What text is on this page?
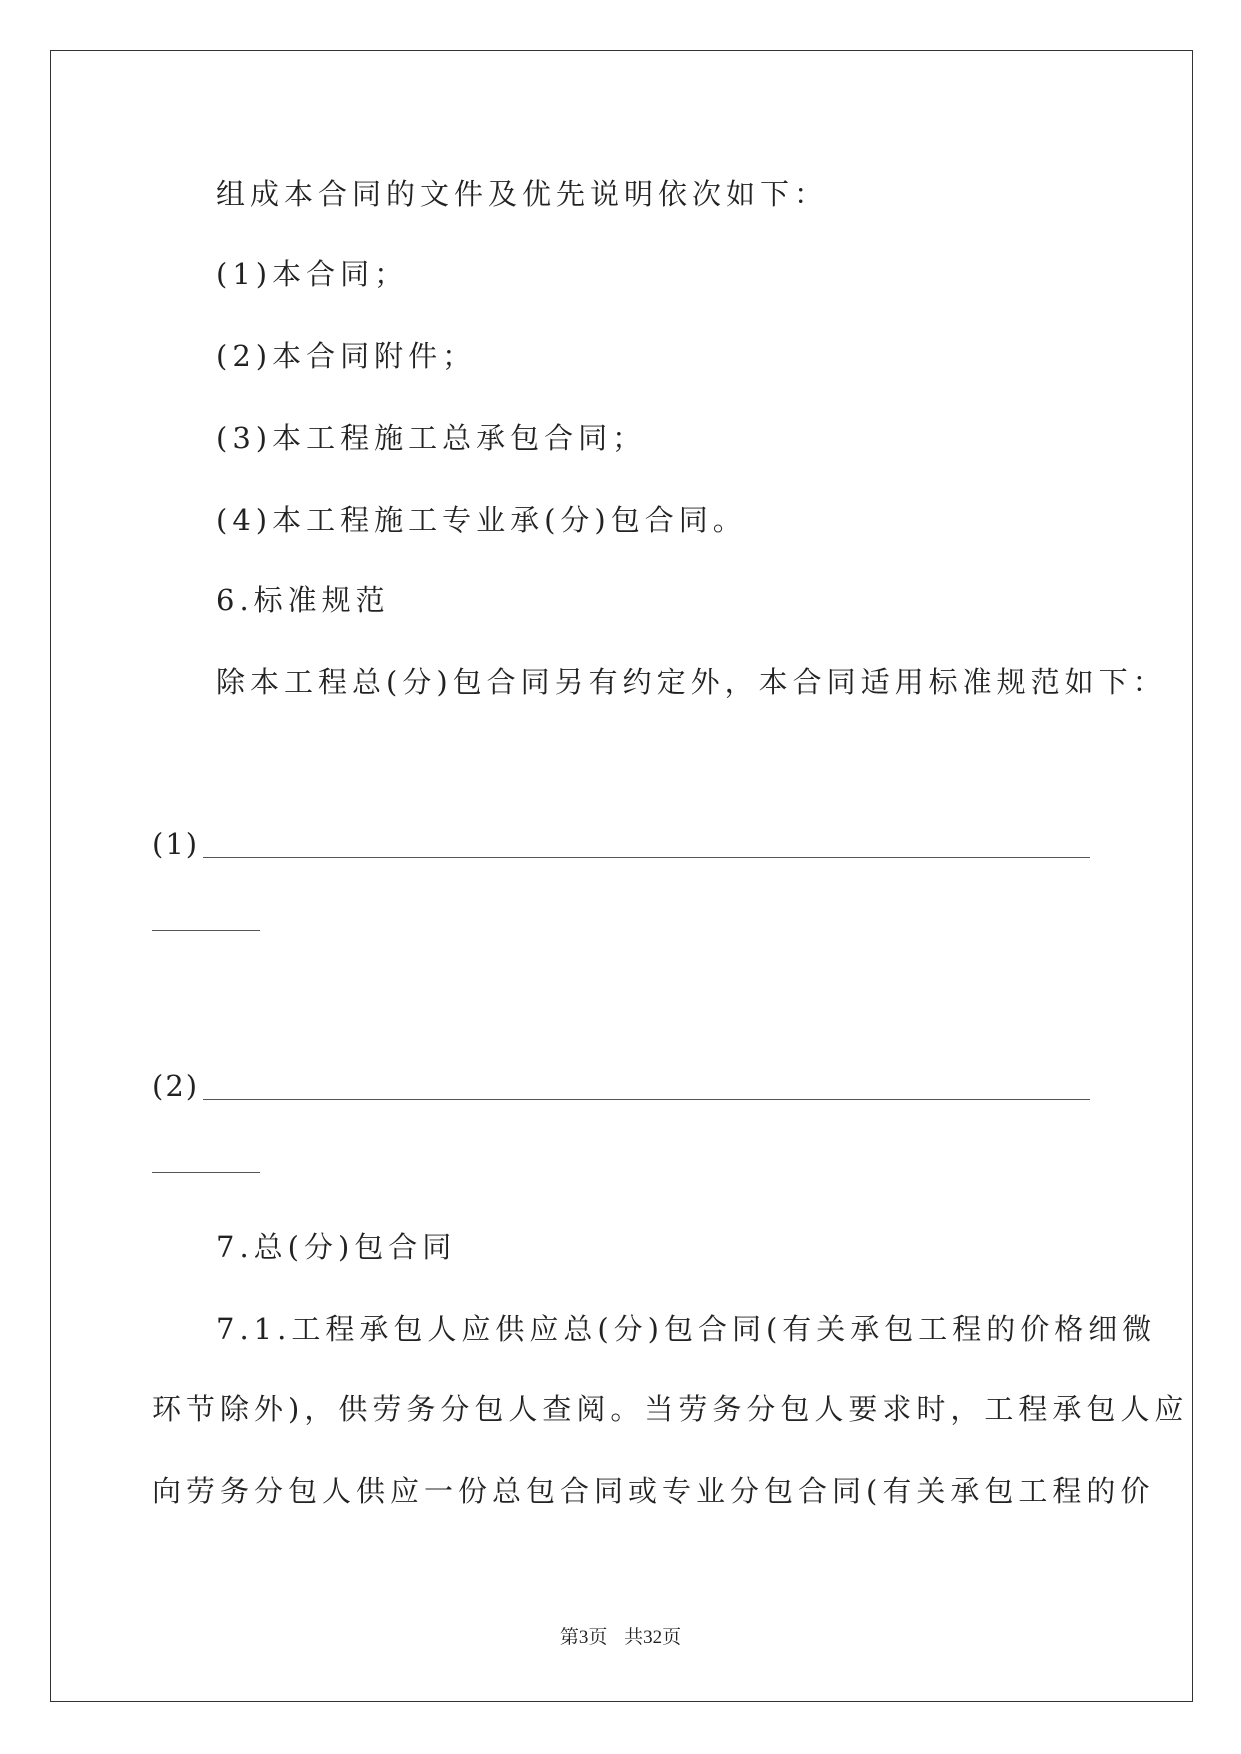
组成本合同的文件及优先说明依次如下：
(1)本合同；
(2)本合同附件；
(3)本工程施工总承包合同；
(4)本工程施工专业承(分)包合同。
6.标准规范
除本工程总(分)包合同另有约定外，本合同适用标准规范如下：
(1)
(2)
7.总(分)包合同
7.1.工程承包人应供应总(分)包合同(有关承包工程的价格细微
环节除外)，供劳务分包人查阅。当劳务分包人要求时，工程承包人应
向劳务分包人供应一份总包合同或专业分包合同(有关承包工程的价
第3页 共32页
